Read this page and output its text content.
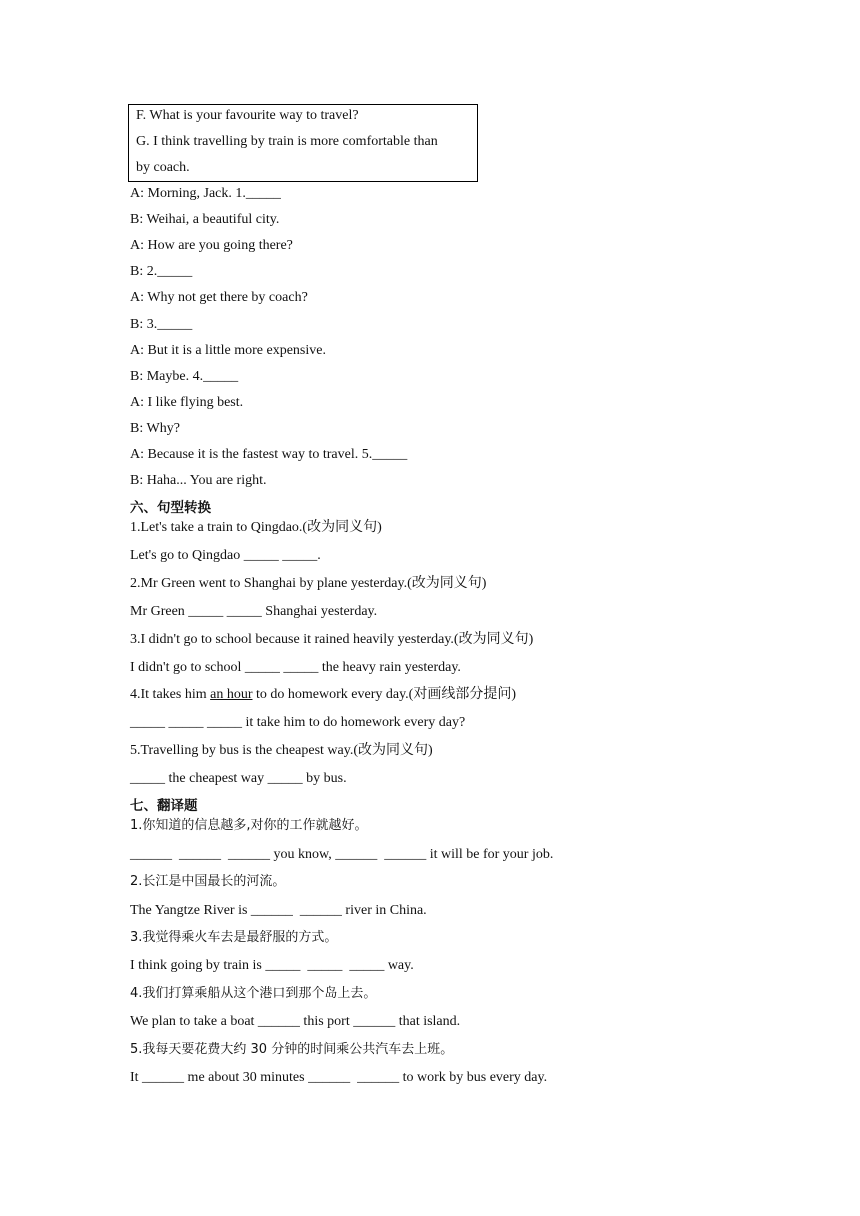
F. What is your favourite way to travel?
G. I think travelling by train is more comfortable than
by coach.
A: Morning, Jack. 1._____
B: Weihai, a beautiful city.
A: How are you going there?
B: 2._____
A: Why not get there by coach?
B: 3._____
A: But it is a little more expensive.
B: Maybe. 4._____
A: I like flying best.
B: Why?
A: Because it is the fastest way to travel. 5._____
B: Haha... You are right.
六、句型转换
1.Let's take a train to Qingdao.(改为同义句)
Let's go to Qingdao _____ _____.
2.Mr Green went to Shanghai by plane yesterday.(改为同义句)
Mr Green _____ _____ Shanghai yesterday.
3.I didn't go to school because it rained heavily yesterday.(改为同义句)
I didn't go to school _____ _____ the heavy rain yesterday.
4.It takes him an hour to do homework every day.(对画线部分提问)
_____ _____ _____ it take him to do homework every day?
5.Travelling by bus is the cheapest way.(改为同义句)
_____ the cheapest way _____ by bus.
七、翻译题
1.你知道的信息越多,对你的工作就越好。
______  ______  ______ you know, ______  ______ it will be for your job.
2.长江是中国最长的河流。
The Yangtze River is ______  ______ river in China.
3.我觉得乘火车去是最舒服的方式。
I think going by train is _____  _____  _____ way.
4.我们打算乘船从这个港口到那个岛上去。
We plan to take a boat ______ this port ______ that island.
5.我每天要花费大约 30 分钟的时间乘公共汽车去上班。
It ______ me about 30 minutes ______  ______ to work by bus every day.
